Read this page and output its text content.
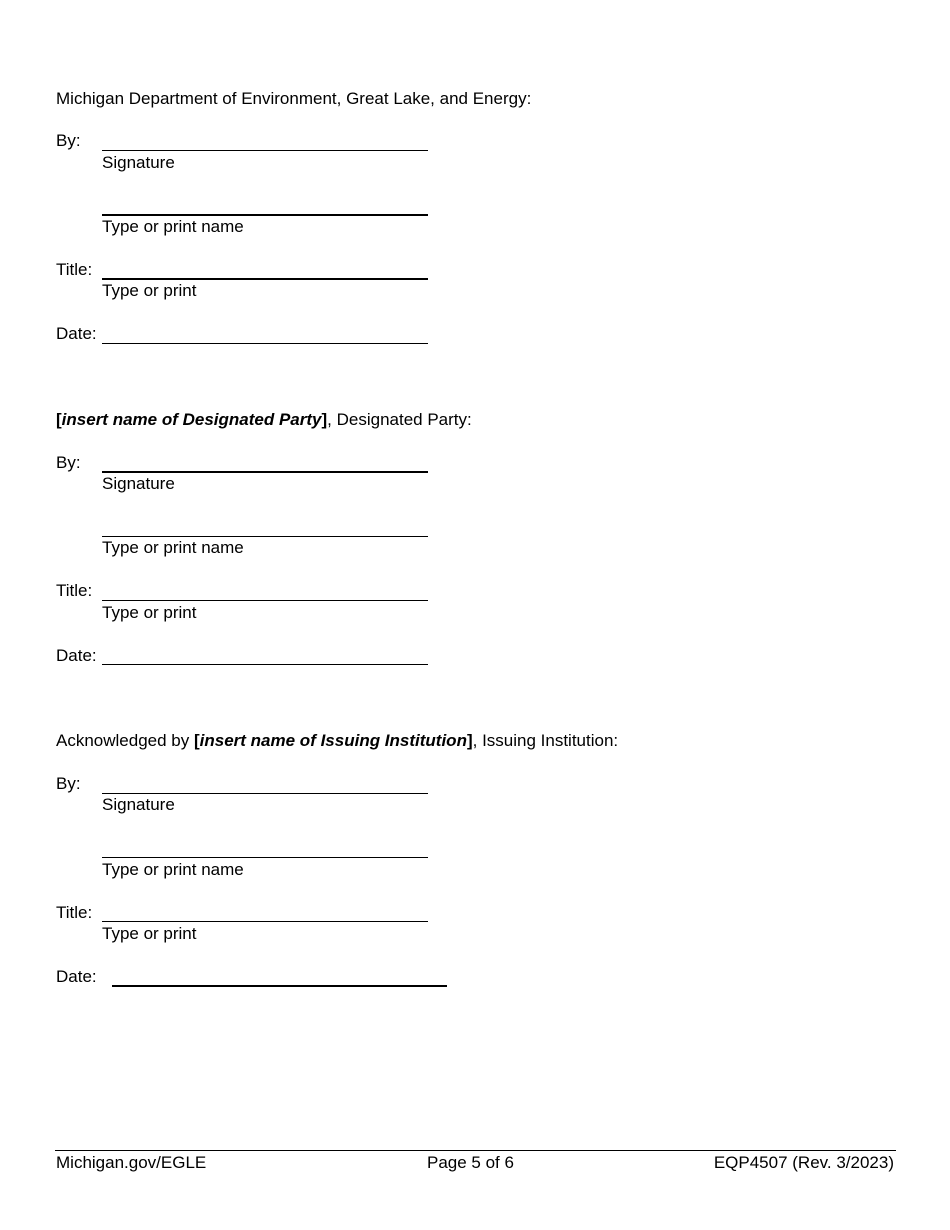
Michigan Department of Environment, Great Lake, and Energy:
By:
Signature
Type or print name
Title:
Type or print
Date:
[insert name of Designated Party], Designated Party:
By:
Signature
Type or print name
Title:
Type or print
Date:
Acknowledged by [insert name of Issuing Institution], Issuing Institution:
By:
Signature
Type or print name
Title:
Type or print
Date:
Michigan.gov/EGLE	Page 5 of 6	EQP4507 (Rev. 3/2023)
